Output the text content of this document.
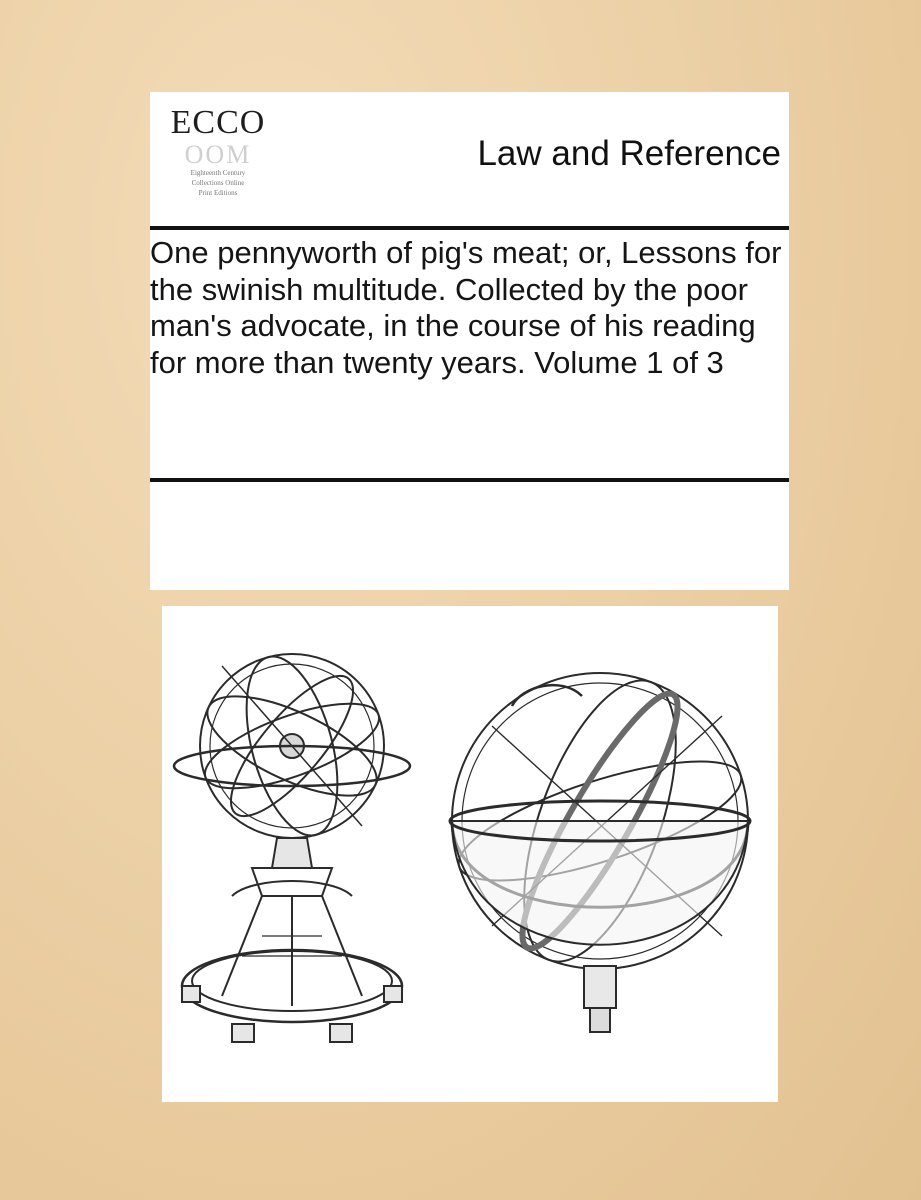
ECCO
OOM
Eighteenth Century
Collections Online
Print Editions
Law and Reference

One pennyworth of pig's meat; or, Lessons for the swinish multitude. Collected by the poor man's advocate, in the course of his reading for more than twenty years. Volume 1 of 3
